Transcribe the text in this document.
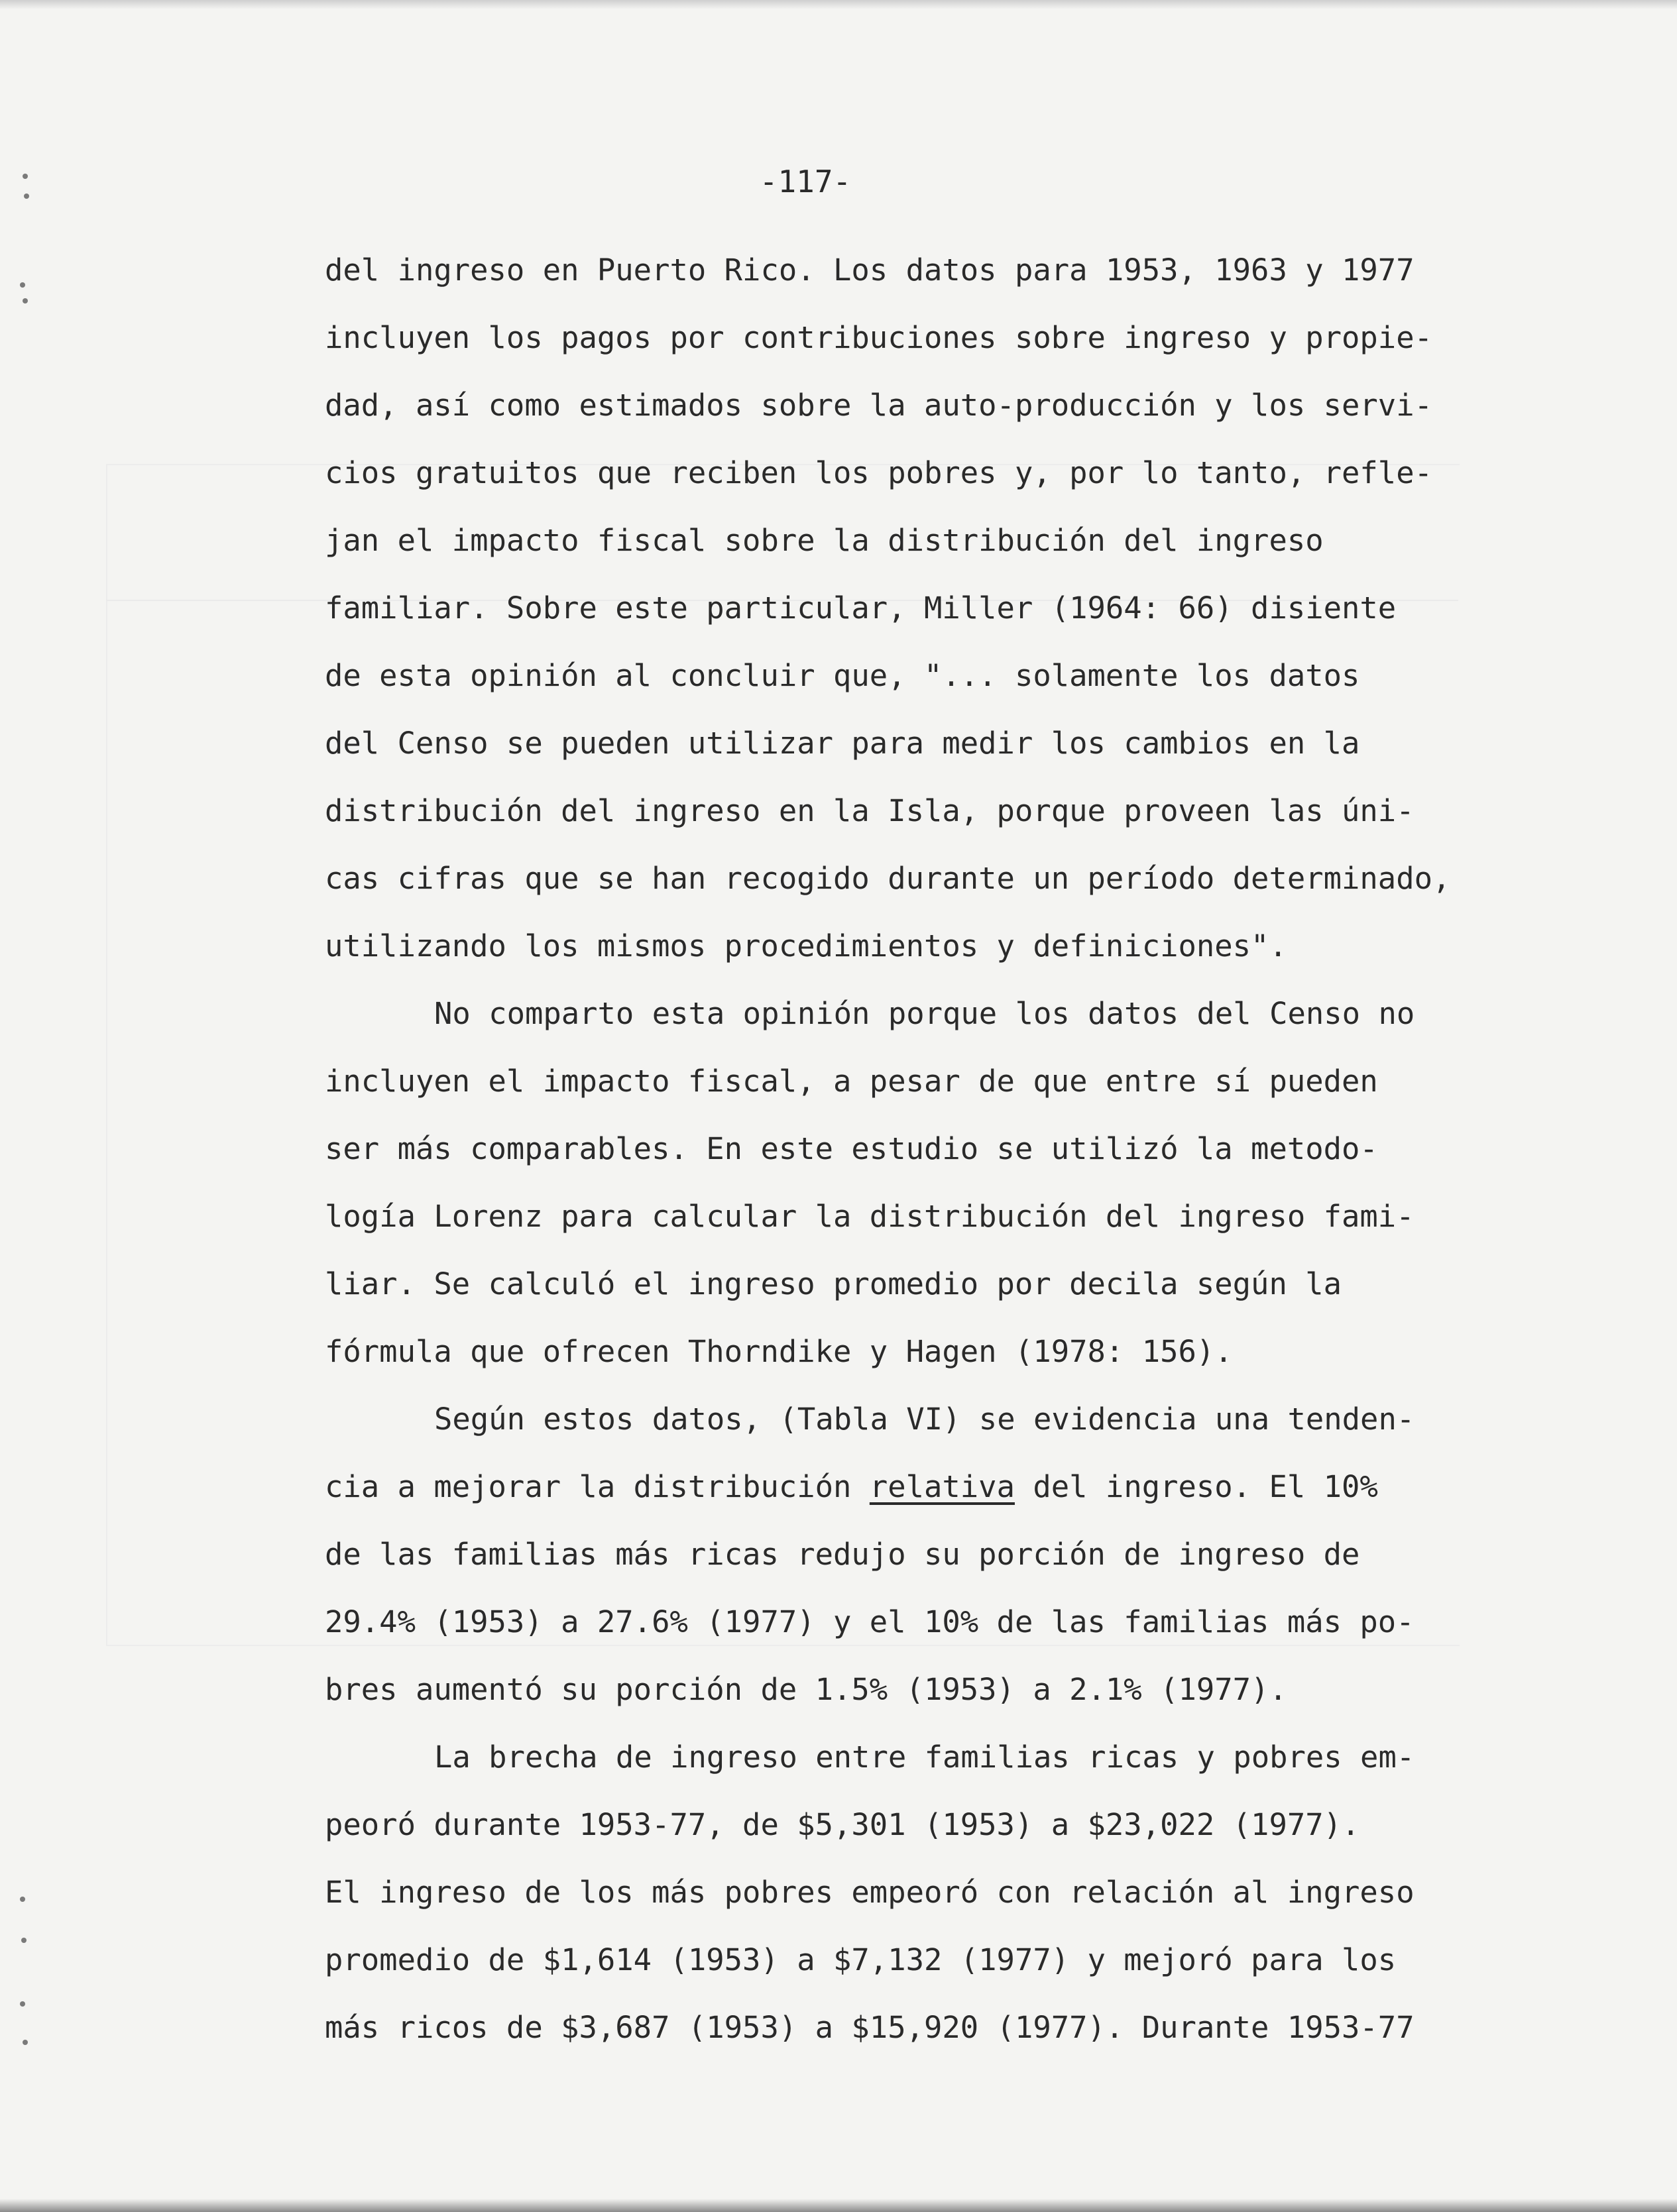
-117-
del ingreso en Puerto Rico. Los datos para 1953, 1963 y 1977
incluyen los pagos por contribuciones sobre ingreso y propie-
dad, así como estimados sobre la auto-producción y los servi-
cios gratuitos que reciben los pobres y, por lo tanto, refle-
jan el impacto fiscal sobre la distribución del ingreso
familiar. Sobre este particular, Miller (1964: 66) disiente
de esta opinión al concluir que, "... solamente los datos
del Censo se pueden utilizar para medir los cambios en la
distribución del ingreso en la Isla, porque proveen las úni-
cas cifras que se han recogido durante un período determinado,
utilizando los mismos procedimientos y definiciones".
No comparto esta opinión porque los datos del Censo no
incluyen el impacto fiscal, a pesar de que entre sí pueden
ser más comparables. En este estudio se utilizó la metodo-
logía Lorenz para calcular la distribución del ingreso fami-
liar. Se calculó el ingreso promedio por decila según la
fórmula que ofrecen Thorndike y Hagen (1978: 156).
Según estos datos, (Tabla VI) se evidencia una tenden-
cia a mejorar la distribución relativa del ingreso. El 10%
de las familias más ricas redujo su porción de ingreso de
29.4% (1953) a 27.6% (1977) y el 10% de las familias más po-
bres aumentó su porción de 1.5% (1953) a 2.1% (1977).
La brecha de ingreso entre familias ricas y pobres em-
peoró durante 1953-77, de $5,301 (1953) a $23,022 (1977).
El ingreso de los más pobres empeoró con relación al ingreso
promedio de $1,614 (1953) a $7,132 (1977) y mejoró para los
más ricos de $3,687 (1953) a $15,920 (1977). Durante 1953-77
